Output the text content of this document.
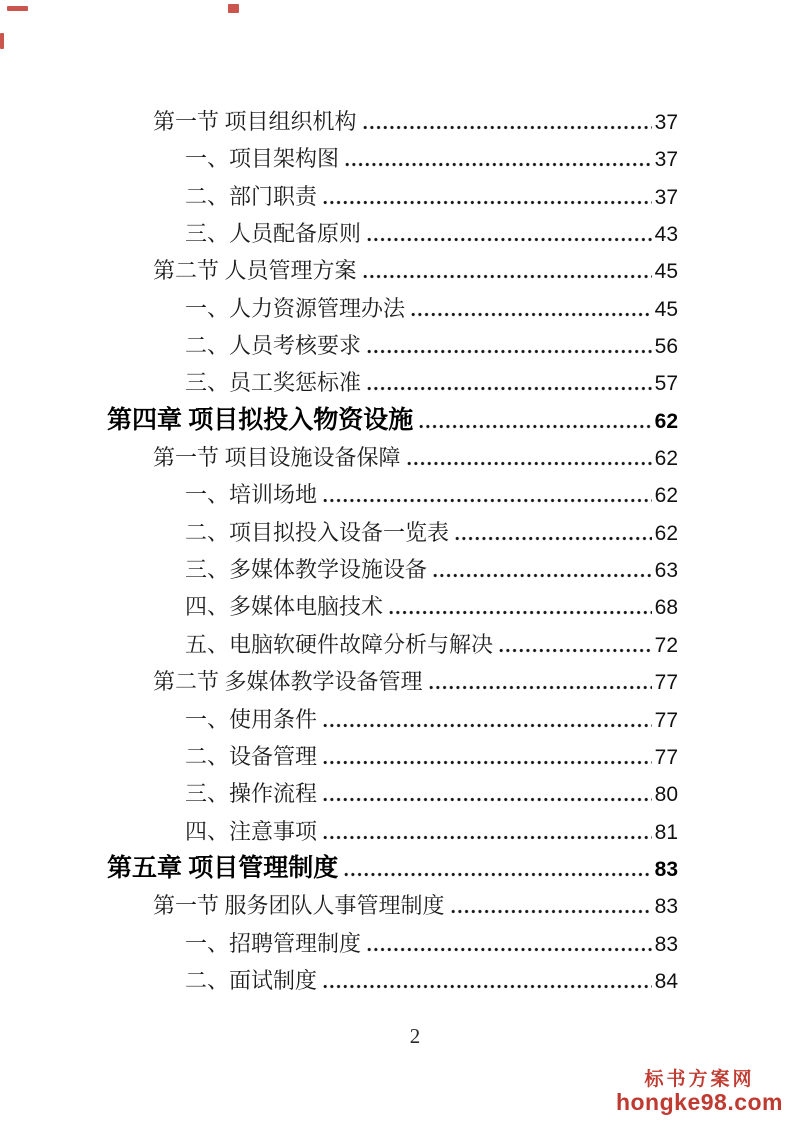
第一节 项目组织机构	37
一、项目架构图	37
二、部门职责	37
三、人员配备原则	43
第二节 人员管理方案	45
一、人力资源管理办法	45
二、人员考核要求	56
三、员工奖惩标准	57
第四章 项目拟投入物资设施	62
第一节 项目设施设备保障	62
一、培训场地	62
二、项目拟投入设备一览表	62
三、多媒体教学设施设备	63
四、多媒体电脑技术	68
五、电脑软硬件故障分析与解决	72
第二节 多媒体教学设备管理	77
一、使用条件	77
二、设备管理	77
三、操作流程	80
四、注意事项	81
第五章 项目管理制度	83
第一节 服务团队人事管理制度	83
一、招聘管理制度	83
二、面试制度	84
2
标书方案网
hongke98.com
